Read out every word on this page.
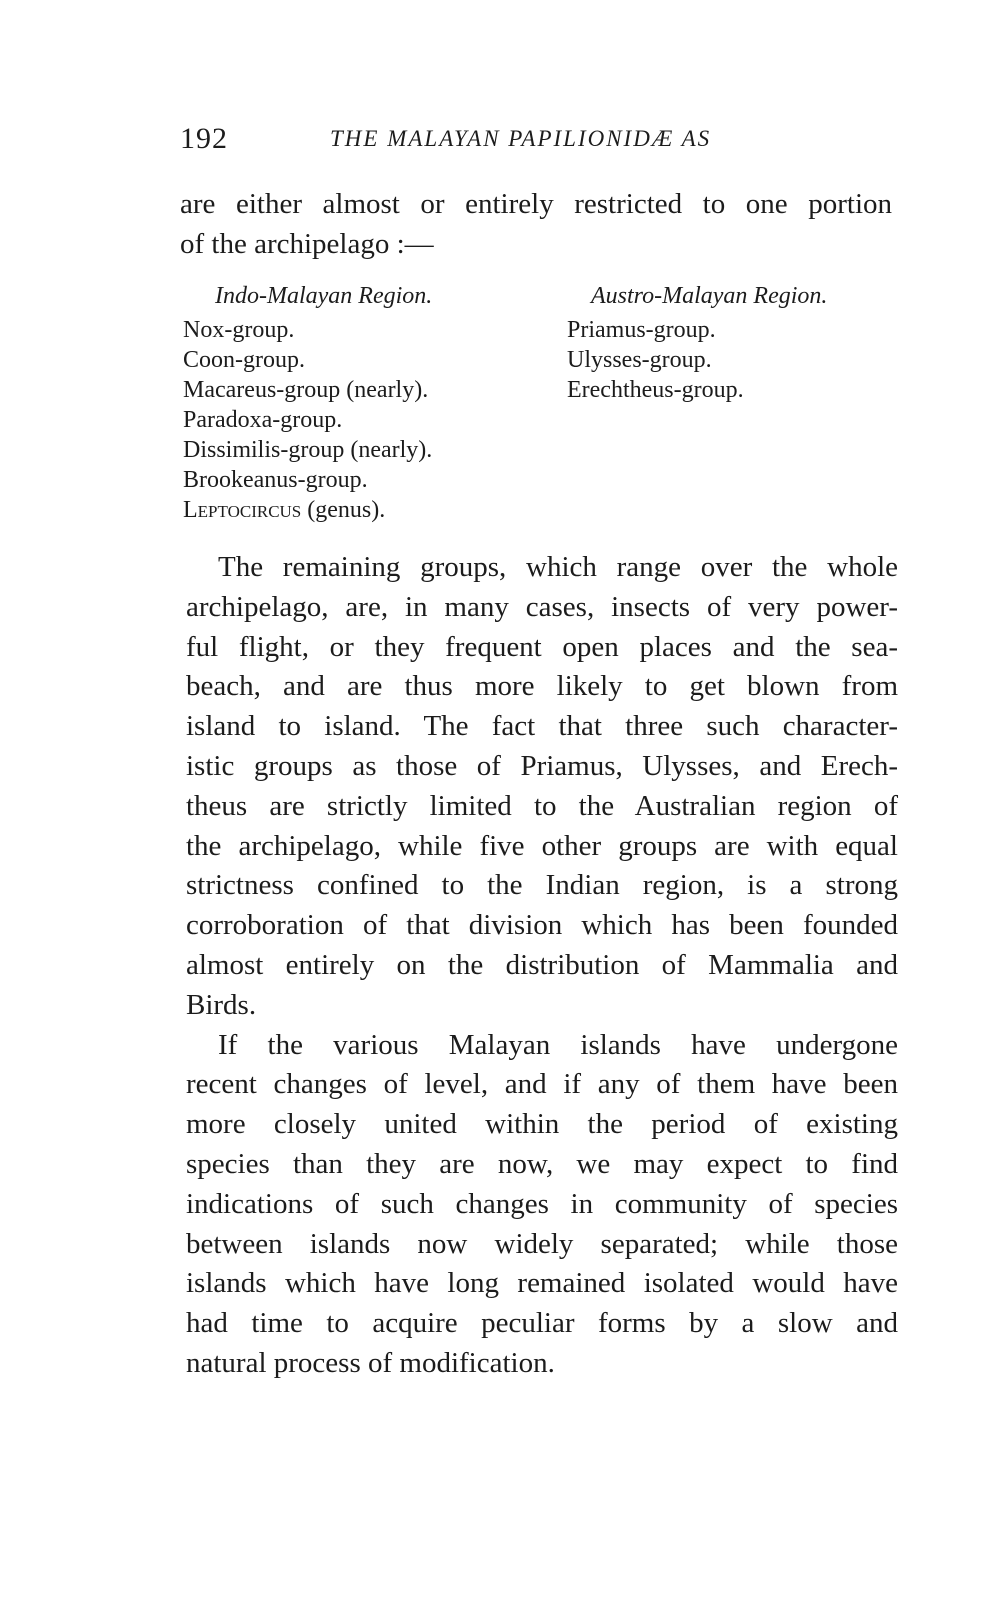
192	THE MALAYAN PAPILIONIDÆ AS
are either almost or entirely restricted to one portion
of the archipelago :—
Indo-Malayan Region.
Nox-group.
Coon-group.
Macareus-group (nearly).
Paradoxa-group.
Dissimilis-group (nearly).
Brookeanus-group.
Leptocircus (genus).
Austro-Malayan Region.
Priamus-group.
Ulysses-group.
Erechtheus-group.
The remaining groups, which range over the whole
archipelago, are, in many cases, insects of very power-
ful flight, or they frequent open places and the sea-
beach, and are thus more likely to get blown from
island to island. The fact that three such character-
istic groups as those of Priamus, Ulysses, and Erech-
theus are strictly limited to the Australian region of
the archipelago, while five other groups are with equal
strictness confined to the Indian region, is a strong
corroboration of that division which has been founded
almost entirely on the distribution of Mammalia and
Birds.
If the various Malayan islands have undergone
recent changes of level, and if any of them have been
more closely united within the period of existing
species than they are now, we may expect to find
indications of such changes in community of species
between islands now widely separated; while those
islands which have long remained isolated would have
had time to acquire peculiar forms by a slow and
natural process of modification.
